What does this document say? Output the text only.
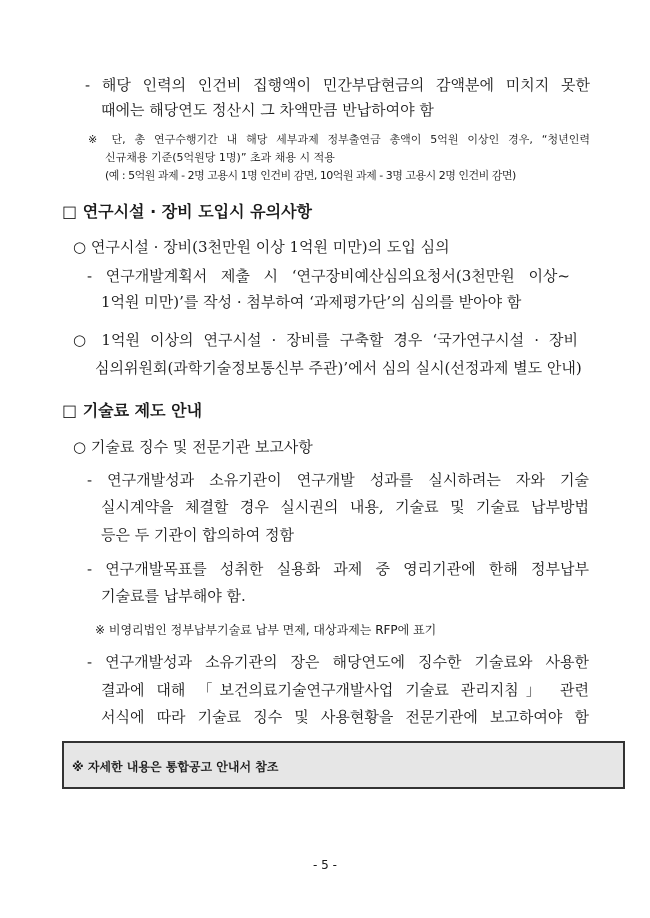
- 해당 인력의 인건비 집행액이 민간부담현금의 감액분에 미치지 못한
때에는 해당연도 정산시 그 차액만큼 반납하여야 함
※ 단, 총 연구수행기간 내 해당 세부과제 정부출연금 총액이 5억원 이상인 경우, “청년인력
신규채용 기준(5억원당 1명)” 초과 채용 시 적용
(예 : 5억원 과제 - 2명 고용시 1명 인건비 감면, 10억원 과제 - 3명 고용시 2명 인건비 감면)
□ 연구시설 · 장비 도입시 유의사항
○ 연구시설 · 장비(3천만원 이상 1억원 미만)의 도입 심의
- 연구개발계획서 제출 시 ‘연구장비예산심의요청서(3천만원 이상~
1억원 미만)’를 작성 · 첨부하여 ‘과제평가단’의 심의를 받아야 함
○ 1억원 이상의 연구시설 · 장비를 구축할 경우 ‘국가연구시설 · 장비
심의위원회(과학기술정보통신부 주관)’에서 심의 실시(선정과제 별도 안내)
□ 기술료 제도 안내
○ 기술료 징수 및 전문기관 보고사항
- 연구개발성과 소유기관이 연구개발 성과를 실시하려는 자와 기술
실시계약을 체결할 경우 실시권의 내용, 기술료 및 기술료 납부방법
등은 두 기관이 합의하여 정함
- 연구개발목표를 성취한 실용화 과제 중 영리기관에 한해 정부납부
기술료를 납부해야 함.
※ 비영리법인 정부납부기술료 납부 면제, 대상과제는 RFP에 표기
- 연구개발성과 소유기관의 장은 해당연도에 징수한 기술료와 사용한
결과에 대해 「보건의료기술연구개발사업 기술료 관리지침」 관련
서식에 따라 기술료 징수 및 사용현황을 전문기관에 보고하여야 함
※ 자세한 내용은 통합공고 안내서 참조
- 5 -
